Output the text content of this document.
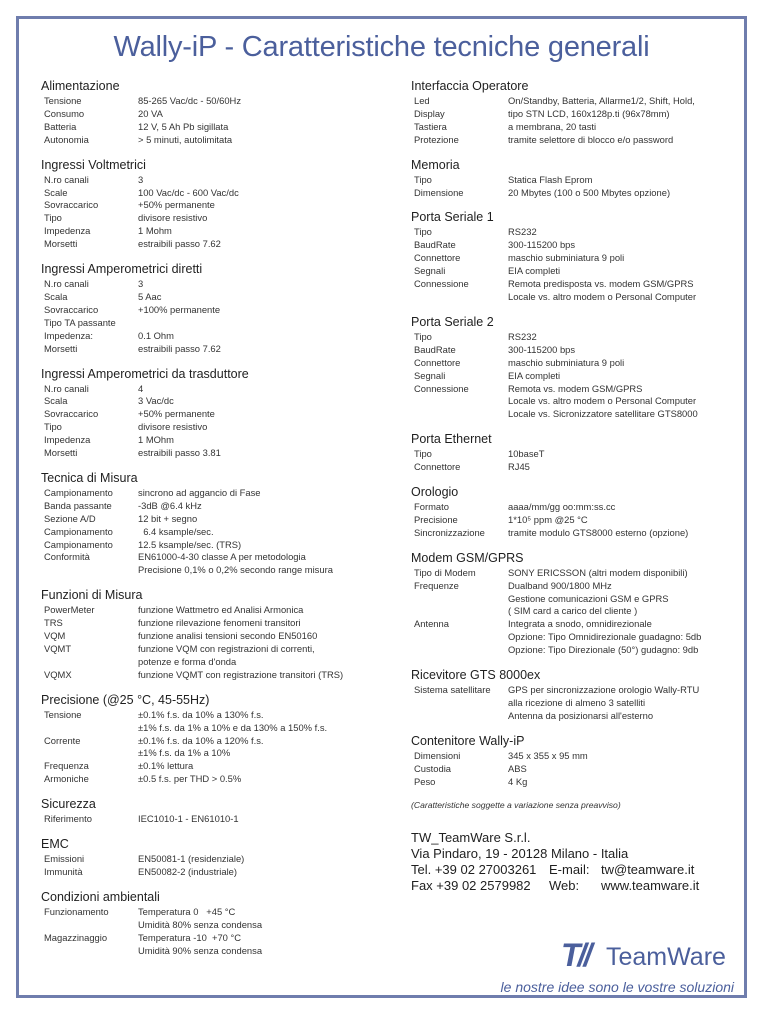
Wally-iP - Caratteristiche tecniche generali
Alimentazione
Tensione	85-265 Vac/dc - 50/60Hz
Consumo	20 VA
Batteria	12 V, 5 Ah Pb sigillata
Autonomia	> 5 minuti, autolimitata
Ingressi Voltmetrici
N.ro canali	3
Scale	100 Vac/dc - 600 Vac/dc
Sovraccarico	+50% permanente
Tipo	divisore resistivo
Impedenza	1 Mohm
Morsetti	estraibili passo 7.62
Ingressi Amperometrici diretti
N.ro canali	3
Scala	5 Aac
Sovraccarico	+100% permanente
Tipo TA passante

Impedenza:	0.1 Ohm
Morsetti	estraibili passo 7.62
Ingressi Amperometrici da trasduttore
N.ro canali	4
Scala	3 Vac/dc
Sovraccarico	+50% permanente
Tipo	divisore resistivo
Impedenza	1 MOhm
Morsetti	estraibili passo 3.81
Tecnica di Misura
Campionamento	sincrono ad aggancio di Fase
Banda passante	-3dB @6.4 kHz
Sezione A/D	12 bit + segno
Campionamento	6.4 ksample/sec.
Campionamento	12.5 ksample/sec. (TRS)
Conformità	EN61000-4-30 classe A per metodologia
Precisione 0,1% o 0,2% secondo range misura
Funzioni di Misura
PowerMeter	funzione Wattmetro ed Analisi Armonica
TRS	funzione rilevazione fenomeni transitori
VQM	funzione analisi tensioni secondo EN50160
VQMT	funzione VQM con registrazioni di correnti,
potenze e forma d'onda
VQMX	funzione VQMT con registrazione transitori (TRS)
Precisione (@25 °C, 45-55Hz)
Tensione	±0.1% f.s. da 10% a 130% f.s.
±1% f.s. da 1% a 10% e da 130% a 150% f.s.
Corrente	±0.1% f.s. da 10% a 120% f.s.
±1% f.s. da 1% a 10%
Frequenza	±0.1% lettura
Armoniche	±0.5 f.s. per THD > 0.5%
Sicurezza
Riferimento	IEC1010-1 - EN61010-1
EMC
Emissioni	EN50081-1 (residenziale)
Immunità	EN50082-2 (industriale)
Condizioni ambientali
Funzionamento	Temperatura 0   +45 °C
Umidità 80% senza condensa
Magazzinaggio	Temperatura -10  +70 °C
Umidità 90% senza condensa
Interfaccia Operatore
Led	On/Standby, Batteria, Allarme1/2, Shift, Hold,
Display	tipo STN LCD, 160x128p.ti (96x78mm)
Tastiera	a membrana, 20 tasti
Protezione	tramite selettore di blocco e/o password
Memoria
Tipo	Statica Flash Eprom
Dimensione	20 Mbytes (100 o 500 Mbytes opzione)
Porta Seriale 1
Tipo	RS232
BaudRate	300-115200 bps
Connettore	maschio subminiatura 9 poli
Segnali	EIA completi
Connessione	Remota predisposta vs. modem GSM/GPRS
Locale vs. altro modem o Personal Computer
Porta Seriale 2
Tipo	RS232
BaudRate	300-115200 bps
Connettore	maschio subminiatura 9 poli
Segnali	EIA completi
Connessione	Remota vs. modem GSM/GPRS
Locale vs. altro modem o Personal Computer
Locale vs. Sicronizzatore satellitare GTS8000
Porta Ethernet
Tipo	10baseT
Connettore	RJ45
Orologio
Formato	aaaa/mm/gg oo:mm:ss.cc
Precisione	1*10⁵ ppm @25 °C
Sincronizzazione	tramite modulo GTS8000 esterno (opzione)
Modem GSM/GPRS
Tipo di Modem	SONY ERICSSON (altri modem disponibili)
Frequenze	Dualband 900/1800 MHz
Gestione comunicazioni GSM e GPRS
( SIM card a carico del cliente )
Antenna	Integrata a snodo, omnidirezionale
Opzione: Tipo Omnidirezionale guadagno: 5db
Opzione: Tipo Direzionale (50°) gudagno: 9db
Ricevitore GTS 8000ex
Sistema satellitare	GPS per sincronizzazione orologio Wally-RTU
alla ricezione di almeno 3 satelliti
Antenna da posizionarsi all'esterno
Contenitore Wally-iP
Dimensioni	345 x 355 x 95 mm
Custodia	ABS
Peso	4 Kg
(Caratteristiche soggette a variazione senza preavviso)
TW_TeamWare S.r.l.
Via Pindaro, 19 - 20128 Milano - Italia
Tel. +39 02 27003261 E-mail: tw@teamware.it
Fax +39 02 2579982	Web:	www.teamware.it
T// TeamWare
le nostre idee sono le vostre soluzioni
